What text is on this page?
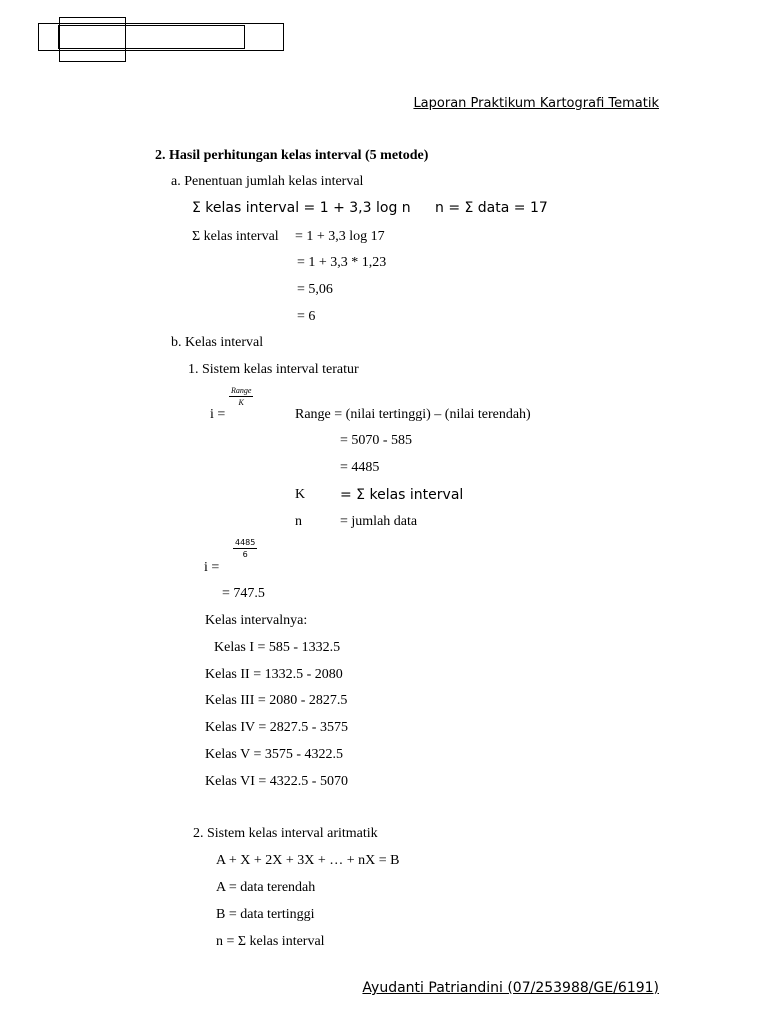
Laporan Praktikum Kartografi Tematik
2. Hasil perhitungan kelas interval (5 metode)
a. Penentuan jumlah kelas interval
Σ kelas interval = 1 + 3,3 log n n = Σ data = 17
Σ kelas interval = 1 + 3,3 log 17
= 1 + 3,3 * 1,23
= 5,06
= 6
b. Kelas interval
1. Sistem kelas interval teratur
i =
Range
K
Range = (nilai tertinggi) – (nilai terendah)
= 5070 - 585
= 4485
K = Σ kelas interval
n	= jumlah data
i =
$\frac{4485}{6}$
= 747.5
Kelas intervalnya:
Kelas I = 585 - 1332.5
Kelas II = 1332.5 - 2080
Kelas III = 2080 - 2827.5
Kelas IV = 2827.5 - 3575
Kelas V = 3575 - 4322.5
Kelas VI = 4322.5 - 5070
2. Sistem kelas interval aritmatik
A + X + 2X + 3X + … + nX = B
A = data terendah
B = data tertinggi
n = Σ kelas interval
Ayudanti Patriandini (07/253988/GE/6191)
